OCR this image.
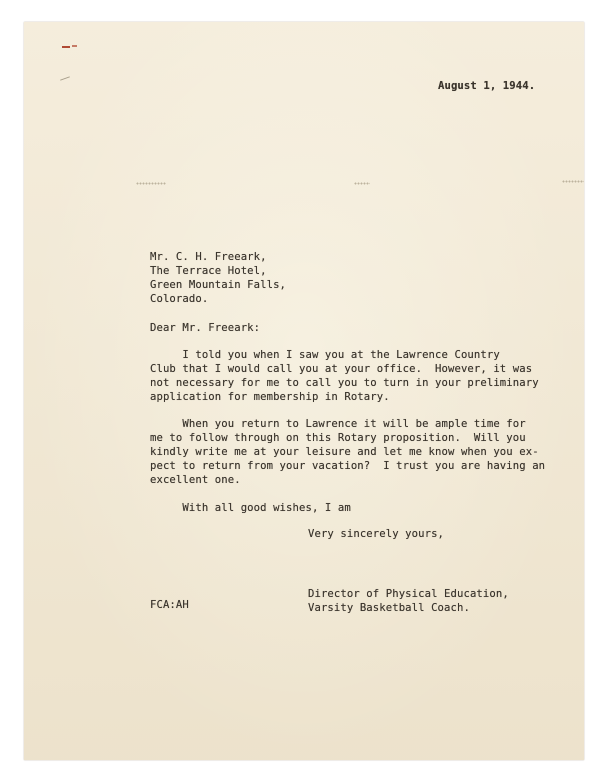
August 1, 1944.
Mr. C. H. Freeark,
The Terrace Hotel,
Green Mountain Falls,
Colorado.
Dear Mr. Freeark:
I told you when I saw you at the Lawrence Country
Club that I would call you at your office.  However, it was
not necessary for me to call you to turn in your preliminary
application for membership in Rotary.
When you return to Lawrence it will be ample time for
me to follow through on this Rotary proposition.  Will you
kindly write me at your leisure and let me know when you ex-
pect to return from your vacation?  I trust you are having an
excellent one.
With all good wishes, I am
Very sincerely yours,
FCA:AH
Director of Physical Education,
Varsity Basketball Coach.
